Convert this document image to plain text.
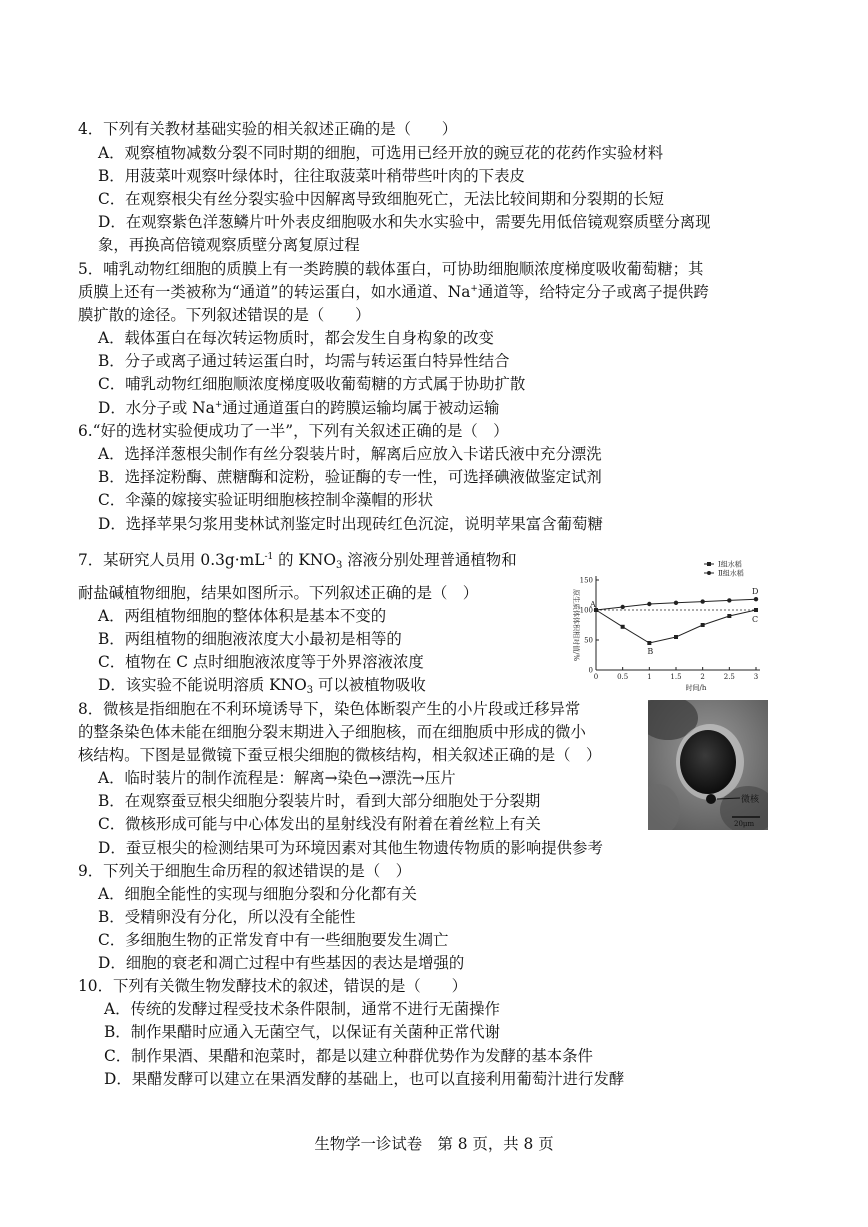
4．下列有关教材基础实验的相关叙述正确的是（　　）
A．观察植物减数分裂不同时期的细胞，可选用已经开放的豌豆花的花药作实验材料
B．用菠菜叶观察叶绿体时，往往取菠菜叶稍带些叶肉的下表皮
C．在观察根尖有丝分裂实验中因解离导致细胞死亡，无法比较间期和分裂期的长短
D．在观察紫色洋葱鳞片叶外表皮细胞吸水和失水实验中，需要先用低倍镜观察质壁分离现
象，再换高倍镜观察质壁分离复原过程
5．哺乳动物红细胞的质膜上有一类跨膜的载体蛋白，可协助细胞顺浓度梯度吸收葡萄糖；其
质膜上还有一类被称为“通道”的转运蛋白，如水通道、Na+通道等，给特定分子或离子提供跨
膜扩散的途径。下列叙述错误的是（　　）
A．载体蛋白在每次转运物质时，都会发生自身构象的改变
B．分子或离子通过转运蛋白时，均需与转运蛋白特异性结合
C．哺乳动物红细胞顺浓度梯度吸收葡萄糖的方式属于协助扩散
D．水分子或 Na+通过通道蛋白的跨膜运输均属于被动运输
6.“好的选材实验便成功了一半”，下列有关叙述正确的是（　）
A．选择洋葱根尖制作有丝分裂装片时，解离后应放入卡诺氏液中充分漂洗
B．选择淀粉酶、蔗糖酶和淀粉，验证酶的专一性，可选择碘液做鉴定试剂
C．伞藻的嫁接实验证明细胞核控制伞藻帽的形状
D．选择苹果匀浆用斐林试剂鉴定时出现砖红色沉淀，说明苹果富含葡萄糖
7．某研究人员用 $0.3g\cdot mL^{-1}$ 的 $KNO_3$ 溶液分别处理普通植物和
耐盐碱植物细胞，结果如图所示。下列叙述正确的是（　）
A．两组植物细胞的整体体积是基本不变的
B．两组植物的细胞液浓度大小最初是相等的
C．植物在 C 点时细胞液浓度等于外界溶液浓度
D．该实验不能说明溶质 $KNO_3$ 可以被植物吸收	0	0.5	1	1.5	2	2.5	3
0
50
100
150
时间/h
原生质体体积相对值/% A
B
C
D
Ⅰ组水稻
Ⅱ组水稻
8．微核是指细胞在不利环境诱导下，染色体断裂产生的小片段或迁移异常
的整条染色体未能在细胞分裂末期进入子细胞核，而在细胞质中形成的微小
核结构。下图是显微镜下蚕豆根尖细胞的微核结构，相关叙述正确的是（　）
A．临时装片的制作流程是：解离→染色→漂洗→压片
B．在观察蚕豆根尖细胞分裂装片时，看到大部分细胞处于分裂期
C．微核形成可能与中心体发出的星射线没有附着在着丝粒上有关
D．蚕豆根尖的检测结果可为环境因素对其他生物遗传物质的影响提供参考
微核
20μm
9．下列关于细胞生命历程的叙述错误的是（　）
A．细胞全能性的实现与细胞分裂和分化都有关
B．受精卵没有分化，所以没有全能性
C．多细胞生物的正常发育中有一些细胞要发生凋亡
D．细胞的衰老和凋亡过程中有些基因的表达是增强的
10．下列有关微生物发酵技术的叙述，错误的是（　　）
A．传统的发酵过程受技术条件限制，通常不进行无菌操作
B．制作果醋时应通入无菌空气，以保证有关菌种正常代谢
C．制作果酒、果醋和泡菜时，都是以建立种群优势作为发酵的基本条件
D．果醋发酵可以建立在果酒发酵的基础上，也可以直接利用葡萄汁进行发酵
生物学一诊试卷　第 8 页，共 8 页
